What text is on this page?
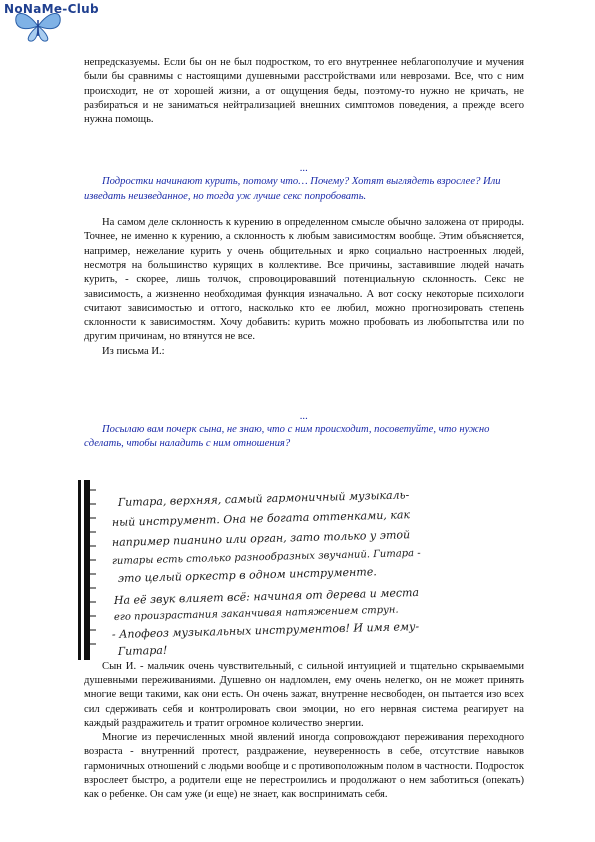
NoNaMe-Club

непредсказуемы. Если бы он не был подростком, то его внутреннее неблагополучие и мучения были бы сравнимы с настоящими душевными расстройствами или неврозами. Все, что с ним происходит, не от хорошей жизни, а от ощущения беды, поэтому-то нужно не кричать, не разбираться и не заниматься нейтрализацией внешних симптомов поведения, а прежде всего нужна помощь.

...

Подростки начинают курить, потому что… Почему? Хотят выглядеть взрослее? Или изведать неизведанное, но тогда уж лучше секс попробовать.

На самом деле склонность к курению в определенном смысле обычно заложена от природы. Точнее, не именно к курению, а склонность к любым зависимостям вообще. Этим объясняется, например, нежелание курить у очень общительных и ярко социально настроенных людей, несмотря на большинство курящих в коллективе. Все причины, заставившие людей начать курить, - скорее, лишь толчок, спровоцировавший потенциальную склонность. Секс не зависимость, а жизненно необходимая функция изначально. А вот соску некоторые психологи считают зависимостью и оттого, насколько кто ее любил, можно прогнозировать степень склонности к зависимостям. Хочу добавить: курить можно пробовать из любопытства или по другим причинам, но втянутся не все.

Из письма И.:

...

Посылаю вам почерк сына, не знаю, что с ним происходит, посоветуйте, что нужно сделать, чтобы наладить с ним отношения?

Гитара, верхняя, самый гармоничный музыкаль-
ный инструмент. Она не богата оттенками, как
например пианино или орган, зато только у этой
гитары есть столько разнообразных звучаний. Гитара -
это целый оркестр в одном инструменте.
На её звук влияет всё: начиная от дерева и места
его произрастания заканчивая натяжением струн.
- Апофеоз музыкальных инструментов! И имя ему-
Гитара!

Сын И. - мальчик очень чувствительный, с сильной интуицией и тщательно скрываемыми душевными переживаниями. Душевно он надломлен, ему очень нелегко, он не может принять многие вещи такими, как они есть. Он очень зажат, внутренне несвободен, он пытается изо всех сил сдерживать себя и контролировать свои эмоции, но его нервная система реагирует на каждый раздражитель и тратит огромное количество энергии.

Многие из перечисленных мной явлений иногда сопровождают переживания переходного возраста - внутренний протест, раздражение, неуверенность в себе, отсутствие навыков гармоничных отношений с людьми вообще и с противоположным полом в частности. Подросток взрослеет быстро, а родители еще не перестроились и продолжают о нем заботиться (опекать) как о ребенке. Он сам уже (и еще) не знает, как воспринимать себя.
